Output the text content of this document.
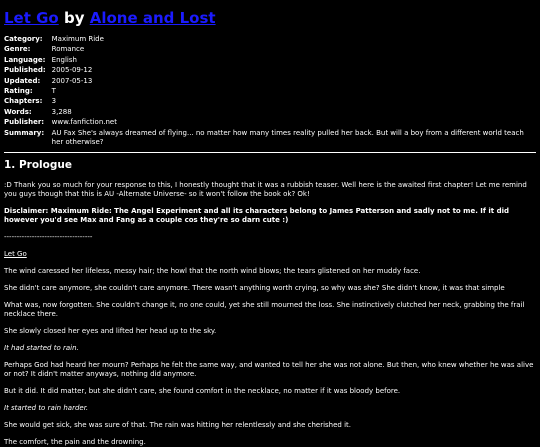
Let Go by Alone and Lost
Category:	Maximum Ride
Genre:	Romance
Language:	English
Published:	2005-09-12
Updated:	2007-05-13
Rating:	T
Chapters:	3
Words:	3,288
Publisher:	www.fanfiction.net
Summary:	AU Fax She's always dreamed of flying... no matter how many times reality pulled her back. But will a boy from a different world teach her otherwise?
1. Prologue

:D Thank you so much for your response to this, I honestly thought that it was a rubbish teaser. Well here is the awaited first chapter! Let me remind you guys though that this is AU -Alternate Universe- so it won't follow the book ok? Ok!

Disclaimer: Maximum Ride: The Angel Experiment and all its characters belong to James Patterson and sadly not to me. If it did however you'd see Max and Fang as a couple cos they're so darn cute :)

-----------------------------------

Let Go

The wind caressed her lifeless, messy hair; the howl that the north wind blows; the tears glistened on her muddy face.

She didn't care anymore, she couldn't care anymore. There wasn't anything worth crying, so why was she? She didn't know, it was that simple

What was, now forgotten. She couldn't change it, no one could, yet she still mourned the loss. She instinctively clutched her neck, grabbing the frail necklace there.

She slowly closed her eyes and lifted her head up to the sky.

It had started to rain.

Perhaps God had heard her mourn? Perhaps he felt the same way, and wanted to tell her she was not alone. But then, who knew whether he was alive or not? It didn't matter anyways, nothing did anymore.

But it did. It did matter, but she didn't care, she found comfort in the necklace, no matter if it was bloody before.

It started to rain harder.

She would get sick, she was sure of that. The rain was hitting her relentlessly and she cherished it.

The comfort, the pain and the drowning.
